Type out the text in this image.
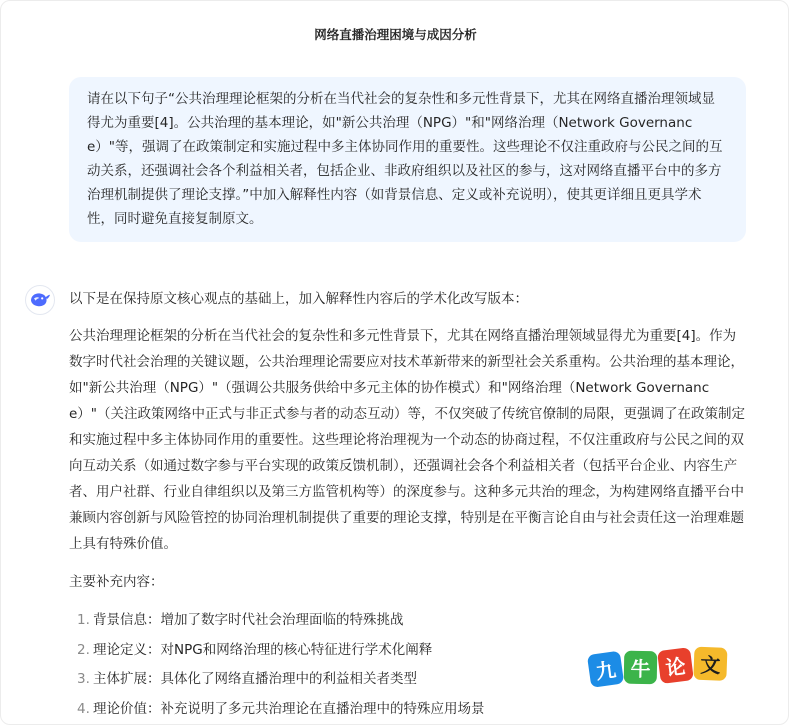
网络直播治理困境与成因分析
请在以下句子“公共治理理论框架的分析在当代社会的复杂性和多元性背景下，尤其在网络直播治理领域显得尤为重要[4]。公共治理的基本理论，如"新公共治理（NPG）"和"网络治理（Network Governance）"等，强调了在政策制定和实施过程中多主体协同作用的重要性。这些理论不仅注重政府与公民之间的互动关系，还强调社会各个利益相关者，包括企业、非政府组织以及社区的参与，这对网络直播平台中的多方治理机制提供了理论支撑。”中加入解释性内容（如背景信息、定义或补充说明），使其更详细且更具学术性，同时避免直接复制原文。

以下是在保持原文核心观点的基础上，加入解释性内容后的学术化改写版本：

公共治理理论框架的分析在当代社会的复杂性和多元性背景下，尤其在网络直播治理领域显得尤为重要[4]。作为数字时代社会治理的关键议题，公共治理理论需要应对技术革新带来的新型社会关系重构。公共治理的基本理论，如"新公共治理（NPG）"（强调公共服务供给中多元主体的协作模式）和"网络治理（Network Governance）"（关注政策网络中正式与非正式参与者的动态互动）等，不仅突破了传统官僚制的局限，更强调了在政策制定和实施过程中多主体协同作用的重要性。这些理论将治理视为一个动态的协商过程，不仅注重政府与公民之间的双向互动关系（如通过数字参与平台实现的政策反馈机制），还强调社会各个利益相关者（包括平台企业、内容生产者、用户社群、行业自律组织以及第三方监管机构等）的深度参与。这种多元共治的理念，为构建网络直播平台中兼顾内容创新与风险管控的协同治理机制提供了重要的理论支撑，特别是在平衡言论自由与社会责任这一治理难题上具有特殊价值。

主要补充内容：

1. 背景信息：增加了数字时代社会治理面临的特殊挑战
2. 理论定义：对NPG和网络治理的核心特征进行学术化阐释
3. 主体扩展：具体化了网络直播治理中的利益相关者类型
4. 理论价值：补充说明了多元共治理论在直播治理中的特殊应用场景
九 牛 论 文
